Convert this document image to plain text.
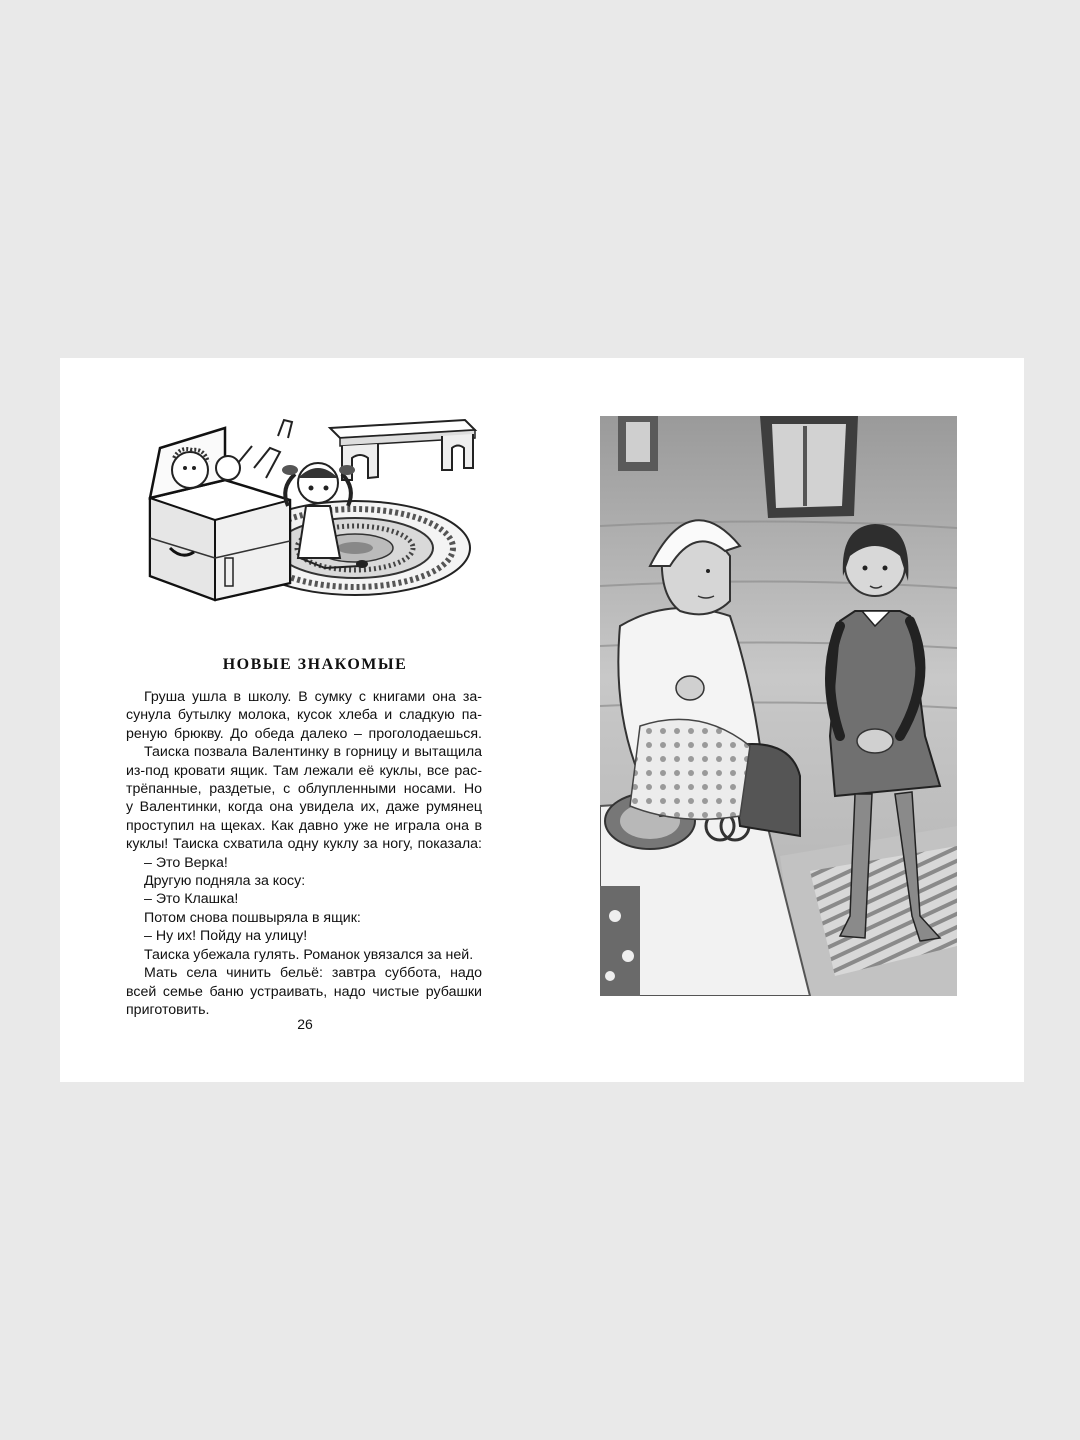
НОВЫЕ ЗНАКОМЫЕ
Груша ушла в школу. В сумку с книгами она за-
сунула бутылку молока, кусок хлеба и сладкую па-
реную брюкву. До обеда далеко – проголодаешься.
Таиска позвала Валентинку в горницу и вытащила
из-под кровати ящик. Там лежали её куклы, все рас-
трёпанные, раздетые, с облупленными носами. Но
у Валентинки, когда она увидела их, даже румянец
проступил на щеках. Как давно уже не играла она в
куклы! Таиска схватила одну куклу за ногу, показала:
– Это Верка!
Другую подняла за косу:
– Это Клашка!
Потом снова пошвыряла в ящик:
– Ну их! Пойду на улицу!
Таиска убежала гулять. Романок увязался за ней.
Мать села чинить бельё: завтра суббота, надо
всей семье баню устраивать, надо чистые рубашки
приготовить.
26
